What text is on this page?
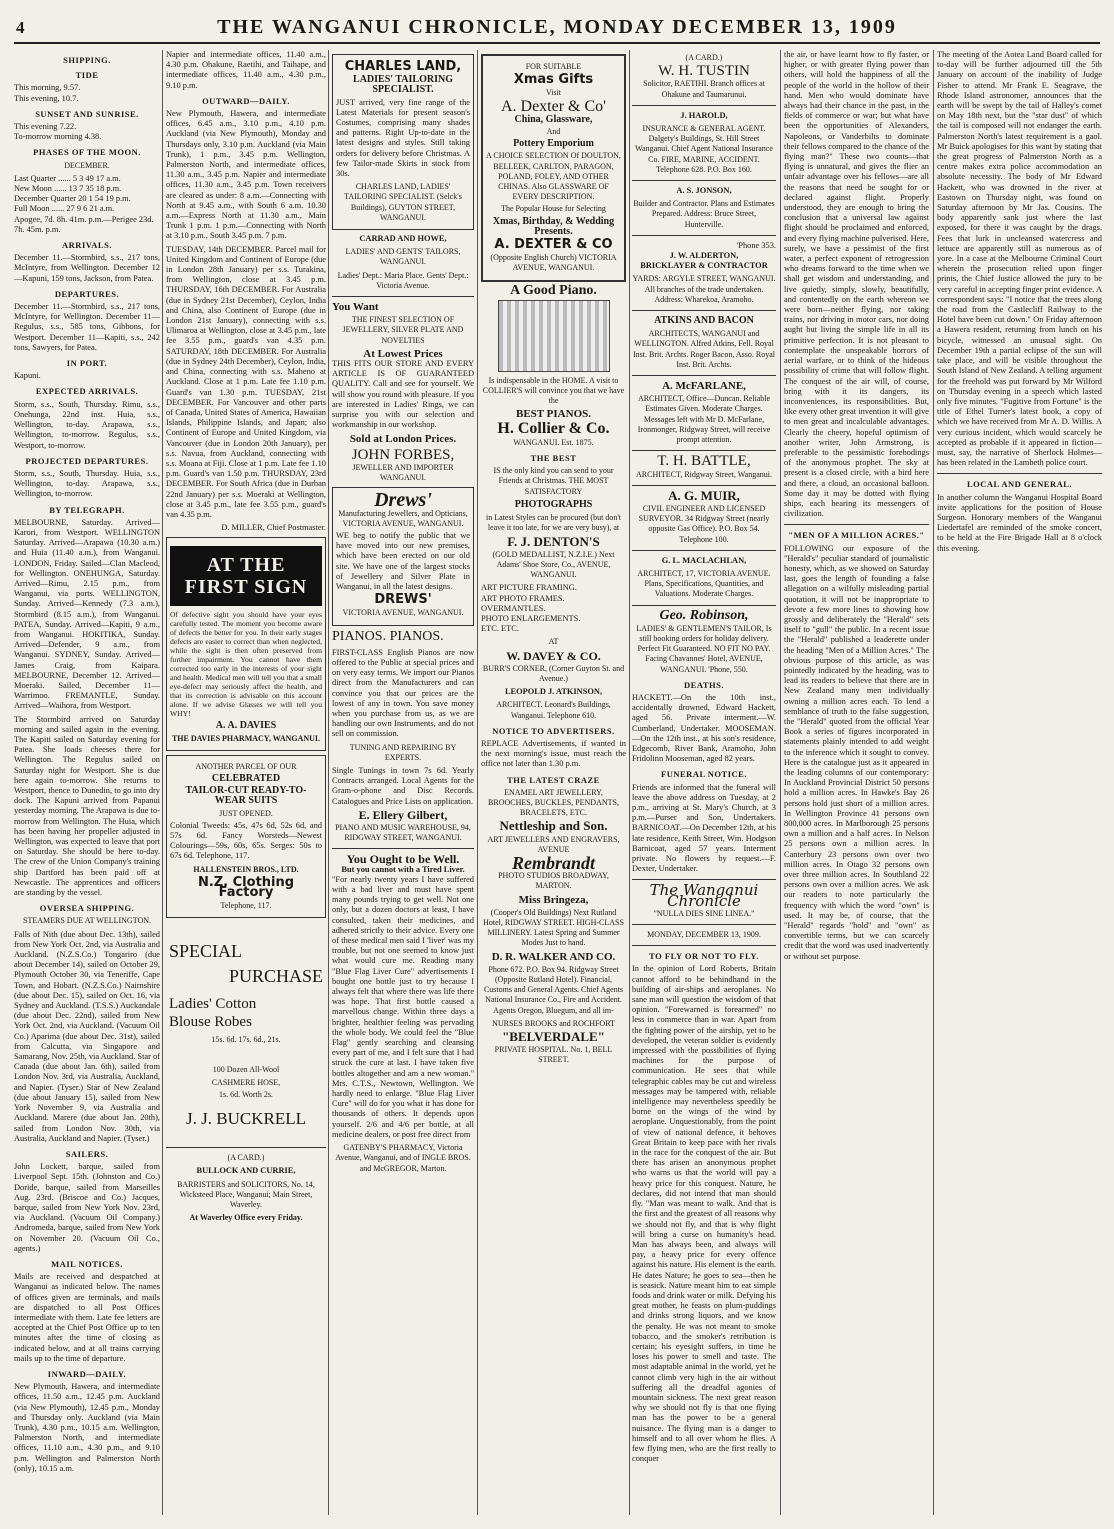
4	THE WANGANUI CHRONICLE, MONDAY DECEMBER 13, 1909
SHIPPING.
TIDE
This morning, 9.57.
This evening, 10.7.
SUNSET AND SUNRISE.
This evening 7.22.
To-morrow morning 4.38.
PHASES OF THE MOON.
DECEMBER.
Last Quarter ...... 5 3 49 17 a.m.
New Moon ...... 13 7 35 18 p.m.
December Quarter 20 1 54 19 p.m.
Full Moon ...... 27 9 6 21 a.m.
Apogee, 7d. 8h. 41m. p.m.—Perigee 23d. 7h. 45m. p.m.
ARRIVALS.

December 11.—Stormbird, s.s., 217 tons, McIntyre, from Wellington. December 12—Kapuni, 159 tons, Jackson, from Patea.

DEPARTURES.

December 11.—Stormbird, s.s., 217 tons, McIntyre, for Wellington. December 11—Regulus, s.s., 585 tons, Gibbons, for Westport. December 11—Kapiti, s.s., 242 tons, Sawyers, for Patea.

IN PORT.

Kapuni.

EXPECTED ARRIVALS.

Storm, s.s., South, Thursday. Rimu, s.s., Onehunga, 22nd inst. Huia, s.s., Wellington, to-day. Arapawa, s.s., Wellington, to-morrow. Regulus, s.s., Westport, to-morrow.

PROJECTED DEPARTURES.

Storm, s.s., South, Thursday. Huia, s.s., Wellington, to-day. Arapawa, s.s., Wellington, to-morrow.

BY TELEGRAPH.

MELBOURNE, Saturday. Arrived—Karori, from Westport. WELLINGTON Saturday. Arrived—Arapawa (10.30 a.m.) and Huia (11.40 a.m.), from Wanganui. LONDON, Friday. Sailed—Clan Macleod, for Wellington. ONEHUNGA, Saturday. Arrived—Rimu, 2.15 p.m., from Wanganui, via ports. WELLINGTON, Sunday. Arrived—Kennedy (7.3 a.m.), Stormbird (8.15 a.m.), from Wanganui. PATEA, Sunday. Arrived—Kapiti, 9 a.m., from Wanganui. HOKITIKA, Sunday. Arrived—Defender, 9 a.m., from Wanganui. SYDNEY, Sunday. Arrived—James Craig, from Kaipara. MELBOURNE, December 12. Arrived—Moeraki. Sailed, December 11—Warrimoo. FREMANTLE, Sunday. Arrived—Waihora, from Westport.

The Stormbird arrived on Saturday morning and sailed again in the evening. The Kapiti sailed on Saturday evening for Patea. She loads cheeses there for Wellington. The Regulus sailed on Saturday night for Westport. She is due here again to-morrow. She returns to Westport, thence to Dunedin, to go into dry dock. The Kapuni arrived from Papanui yesterday morning. The Arapawa is due to-morrow from Wellington. The Huia, which has been having her propeller adjusted in Wellington, was expected to leave that port on Saturday. She should be here to-day. The crew of the Union Company's training ship Dartford has been paid off at Newcastle. The apprentices and officers are standing by the vessel.

OVERSEA SHIPPING.
STEAMERS DUE AT WELLINGTON.

Falls of Nith (due about Dec. 13th), sailed from New York Oct. 2nd, via Australia and Auckland. (N.Z.S.Co.) Tongariro (due about December 14), sailed on October 29, Plymouth October 30, via Teneriffe, Cape Town, and Hobart. (N.Z.S.Co.) Nairnshire (due about Dec. 15), sailed on Oct. 16, via Sydney and Auckland. (T.S.S.) Auckandale (due about Dec. 22nd), sailed from New York Oct. 2nd, via Auckland. (Vacuum Oil Co.) Aparima (due about Dec. 31st), sailed from Calcutta, via Singapore and Samarang, Nov. 25th, via Auckland. Star of Canada (due about Jan. 6th), sailed from London Nov. 3rd, via Australia, Auckland, and Napier. (Tyser.) Star of New Zealand (due about January 15), sailed from New York November 9, via Australia and Auckland. Marere (due about Jan. 20th), sailed from London Nov. 30th, via Australia, Auckland and Napier. (Tyser.)

SAILERS.

John Lockett, barque, sailed from Liverpool Sept. 15th. (Johnston and Co.) Doride, barque, sailed from Marseilles Aug. 23rd. (Briscoe and Co.) Jacques, barque, sailed from New York Nov. 23rd, via Auckland. (Vacuum Oil Company.) Andromeda, barque, sailed from New York on November 20. (Vacuum Oil Co., agents.)

MAIL NOTICES.

Mails are received and despatched at Wanganui as indicated below. The names of offices given are terminals, and mails are dispatched to all Post Offices intermediate with them. Late fee letters are accepted at the Chief Post Office up to ten minutes after the time of closing as indicated below, and at all trains carrying mails up to the time of departure.

INWARD—DAILY.

New Plymouth, Hawera, and intermediate offices, 11.50 a.m., 12.45 p.m. Auckland (via New Plymouth), 12.45 p.m., Monday and Thursday only. Auckland (via Main Trunk), 4.30 p.m., 10.15 a.m. Wellington, Palmerston North, and intermediate offices, 11.10 a.m., 4.30 p.m., and 9.10 p.m. Wellington and Palmerston North (only), 10.15 a.m.

Napier and intermediate offices, 11.40 a.m., 4.30 p.m. Ohakune, Raetihi, and Taihape, and intermediate offices, 11.40 a.m., 4.30 p.m., 9.10 p.m.

OUTWARD—DAILY.

New Plymouth, Hawera, and intermediate offices, 6.45 a.m., 3.10 p.m., 4.10 p.m. Auckland (via New Plymouth), Monday and Thursdays only, 3.10 p.m. Auckland (via Main Trunk), 1 p.m., 3.45 p.m. Wellington, Palmerston North, and intermediate offices, 11.30 a.m., 3.45 p.m. Napier and intermediate offices, 11.30 a.m., 3.45 p.m. Town receivers are cleared as under: 8 a.m.—Connecting with North at 9.45 a.m., with South 6 a.m. 10.30 a.m.—Express North at 11.30 a.m., Main Trunk 1 p.m. 1 p.m.—Connecting with North at 3.10 p.m., South 3.45 p.m. 7 p.m.

TUESDAY, 14th DECEMBER. Parcel mail for United Kingdom and Continent of Europe (due in London 28th January) per s.s. Turakina, from Wellington, close at 3.45 p.m. THURSDAY, 16th DECEMBER. For Australia (due in Sydney 21st December), Ceylon, India and China, also Continent of Europe (due in London 21st January), connecting with s.s. Ulimaroa at Wellington, close at 3.45 p.m., late fee 3.55 p.m., guard's van 4.35 p.m. SATURDAY, 18th DECEMBER. For Australia (due in Sydney 24th December), Ceylon, India, and China, connecting with s.s. Maheno at Auckland. Close at 1 p.m. Late fee 1.10 p.m. Guard's van 1.30 p.m. TUESDAY, 21st DECEMBER. For Vancouver and other parts of Canada, United States of America, Hawaiian Islands, Philippine Islands, and Japan; also Continent of Europe and United Kingdom, via Vancouver (due in London 20th January), per s.s. Navua, from Auckland, connecting with s.s. Moana at Fiji. Close at 1 p.m. Late fee 1.10 p.m. Guard's van 1.50 p.m. THURSDAY, 23rd DECEMBER. For South Africa (due in Durban 22nd January) per s.s. Moeraki at Wellington, close at 3.45 p.m., late fee 3.55 p.m., guard's van 4.35 p.m.

D. MILLER, Chief Postmaster.
AT THE FIRST SIGN

Of defective sight you should have your eyes carefully tested. The moment you become aware of defects the better for you. In their early stages defects are easier to correct than when neglected, while the sight is then often preserved from further impairment. You cannot have them corrected too early in the interests of your sight and health. Medical men will tell you that a small eye-defect may seriously affect the health, and that its correction is advisable on this account alone. If we advise Glasses we will tell you WHY!

A. A. DAVIES
THE DAVIES PHARMACY, WANGANUI.
ANOTHER PARCEL OF OUR
CELEBRATED
TAILOR-CUT READY-TO-WEAR SUITS
JUST OPENED.

Colonial Tweeds: 45s, 47s 6d, 52s 6d, and 57s 6d. Fancy Worsteds—Newest Colourings—59s, 60s, 65s. Serges: 50s to 67s 6d. Telephone, 117.

HALLENSTEIN BROS., LTD.
N.Z. Clothing Factory
Telephone, 117.
SPECIAL
PURCHASE
Ladies' Cotton
Blouse Robes
15s. 6d. 17s. 6d., 21s.
100 Dozen All-Wool
CASHMERE HOSE,
1s. 6d. Worth 2s.
J. J. BUCKRELL
(A CARD.)
BULLOCK AND CURRIE,
BARRISTERS and SOLICITORS, No. 14, Wicksteed Place, Wanganui; Main Street, Waverley.
At Waverley Office every Friday.
CHARLES LAND,
LADIES' TAILORING SPECIALIST.

JUST arrived, very fine range of the Latest Materials for present season's Costumes, comprising many shades and patterns. Right Up-to-date in the latest designs and styles. Still taking orders for delivery before Christmas. A few Tailor-made Skirts in stock from 30s.

CHARLES LAND, LADIES' TAILORING SPECIALIST. (Selck's Buildings), GUYTON STREET, WANGANUI.
CARRAD AND HOWE,
LADIES' AND GENTS' TAILORS, WANGANUI.
Ladies' Dept.: Maria Place. Gents' Dept.: Victoria Avenue.
You Want
THE FINEST SELECTION OF JEWELLERY, SILVER PLATE AND NOVELTIES
At Lowest Prices

THIS FITS OUR STORE AND EVERY ARTICLE IS OF GUARANTEED QUALITY. Call and see for yourself. We will show you round with pleasure. If you are interested in Ladies' Rings, we can surprise you with our selection and workmanship in our workshop.

Sold at London Prices.
JOHN FORBES,
JEWELLER AND IMPORTER WANGANUI.
Drews'
Manufacturing Jewellers, and Opticians, VICTORIA AVENUE, WANGANUI.

WE beg to notify the public that we have moved into our new premises, which have been erected on our old site. We have one of the largest stocks of Jewellery and Silver Plate in Wanganui, in all the latest designs.

DREWS'
VICTORIA AVENUE, WANGANUI.
PIANOS. PIANOS.

FIRST-CLASS English Pianos are now offered to the Public at special prices and on very easy terms. We import our Pianos direct from the Manufacturers and can convince you that our prices are the lowest of any in town. You save money when you purchase from us, as we are handling our own Instruments, and do not sell on commission.

TUNING AND REPAIRING BY EXPERTS.

Single Tunings in town 7s 6d. Yearly Contracts arranged. Local Agents for the Gram-o-phone and Disc Records. Catalogues and Price Lists on application.

E. Ellery Gilbert,
PIANO AND MUSIC WAREHOUSE, 94, RIDGWAY STREET, WANGANUI.
You Ought to be Well.
But you cannot with a Tired Liver.

"For nearly twenty years I have suffered with a bad liver and must have spent many pounds trying to get well. Not one only, but a dozen doctors at least, I have consulted, taken their medicines, and adhered strictly to their advice. Every one of these medical men said I 'liver' was my trouble, but not one seemed to know just what would cure me. Reading many "Blue Flag Liver Cure" advertisements I bought one bottle just to try because I always felt that where there was life there was hope. That first bottle caused a marvellous change. Within three days a brighter, healthier feeling was pervading the whole body. We could feel the "Blue Flag" gently searching and cleansing every part of me, and I felt sure that I had struck the cure at last. I have taken five bottles altogether and am a new woman." Mrs. C.T.S., Newtown, Wellington. We hardly need to enlarge. "Blue Flag Liver Cure" will do for you what it has done for thousands of others. It depends upon yourself. 2/6 and 4/6 per bottle, at all medicine dealers, or post free direct from

GATENBY'S PHARMACY, Victoria Avenue, Wanganui, and of INGLE BROS. and McGREGOR, Marton.
FOR SUITABLE
Xmas Gifts
Visit
A. Dexter & Co'
China, Glassware,
And
Pottery Emporium
A CHOICE SELECTION Of DOULTON, BELLEEK, CARLTON, PARAGON, POLAND, FOLEY, AND OTHER CHINAS. Also GLASSWARE OF EVERY DESCRIPTION.
The Popular House for Selecting
Xmas, Birthday, & Wedding Presents.
A. DEXTER & CO
(Opposite English Church) VICTORIA AVENUE, WANGANUI.
A Good Piano.
Is indispensable in the HOME. A visit to COLLIER'S will convince you that we have the
BEST PIANOS.
H. Collier & Co.
WANGANUI. Est. 1875.
THE BEST
IS the only kind you can send to your Friends at Christmas. THE MOST SATISFACTORY
PHOTOGRAPHS
in Latest Styles can be procured (but don't leave it too late, for we are very busy), at
F. J. DENTON'S
(GOLD MEDALLIST, N.Z.I.E.) Next Adams' Shoe Store, Co., AVENUE, WANGANUI.
ART PICTURE FRAMING.
ART PHOTO FRAMES.
OVERMANTLES.
PHOTO ENLARGEMENTS.
ETC. ETC.
AT
W. DAVEY & CO.
BURR'S CORNER, (Corner Guyton St. and Avenue.)
LEOPOLD J. ATKINSON,
ARCHITECT. Leonard's Buildings, Wanganui. Telephone 610.
NOTICE TO ADVERTISERS.

REPLACE Advertisements, if wanted in the next morning's issue, must reach the office not later than 1.30 p.m.

THE LATEST CRAZE
ENAMEL ART JEWELLERY, BROOCHES, BUCKLES, PENDANTS, BRACELETS, ETC.
Nettleship and Son.
ART JEWELLERS AND ENGRAVERS, AVENUE
Rembrandt
PHOTO STUDIOS BROADWAY, MARTON.
Miss Bringeza,
(Cooper's Old Buildings) Next Rutland Hotel, RIDGWAY STREET. HIGH-CLASS MILLINERY. Latest Spring and Summer Modes Just to hand.
D. R. WALKER AND CO.
Phone 672. P.O. Box 94. Ridgway Street (Opposite Rutland Hotel). Financial, Customs and General Agents. Chief Agents National Insurance Co., Fire and Accident. Agents Oregon, Bluegum, and all im-
NURSES BROOKS and ROCHFORT
"BELVERDALE"
PRIVATE HOSPITAL. No. 1, BELL STREET.
(A CARD.)
W. H. TUSTIN
Solicitor, RAETIHI. Branch offices at Ohakune and Taumarunui.
J. HAROLD,
INSURANCE & GENERAL AGENT. Dalgety's Buildings, St. Hill Street Wanganui. Chief Agent National Insurance Co. FIRE, MARINE, ACCIDENT. Telephone 628. P.O. Box 160.
A. S. JONSON,
Builder and Contractor. Plans and Estimates Prepared. Address: Bruce Street, Hunterville.
'Phone 353.
J. W. ALDERTON,
BRICKLAYER & CONTRACTOR
YARDS: ARGYLE STREET, WANGANUI. All branches of the trade undertaken. Address: Wharekoa, Aramoho.
ATKINS AND BACON
ARCHITECTS, WANGANUI and WELLINGTON. Alfred Atkins, Fell. Royal Inst. Brit. Archts. Roger Bacon, Asso. Royal Inst. Brit. Archts.
A. McFARLANE,
ARCHITECT, Office—Duncan. Reliable Estimates Given. Moderate Charges. Messages left with Mr D. McFarlane, Ironmonger, Ridgway Street, will receive prompt attention.
T. H. BATTLE,
ARCHITECT, Ridgway Street, Wanganui.
A. G. MUIR,
CIVIL ENGINEER AND LICENSED SURVEYOR. 34 Ridgway Street (nearly opposite Gas Office). P.O. Box 54. Telephone 100.
G. L. MACLACHLAN,
ARCHITECT, 17, VICTORIA AVENUE. Plans, Specifications, Quantities, and Valuations. Moderate Charges.
Geo. Robinson,
LADIES' & GENTLEMEN'S TAILOR, Is still booking orders for holiday delivery. Perfect Fit Guaranteed. NO FIT NO PAY. Facing Chavannes' Hotel, AVENUE, WANGANUI. 'Phone, 550.
DEATHS.

HACKETT.—On the 10th inst., accidentally drowned, Edward Hackett, aged 56. Private interment.—W. Cumberland, Undertaker. MOOSEMAN.—On the 12th inst., at his son's residence, Edgecomb, River Bank, Aramoho, John Fridolinn Mooseman, aged 82 years.

FUNERAL NOTICE.

Friends are informed that the funeral will leave the above address on Tuesday, at 2 p.m., arriving at St. Mary's Church, at 3 p.m.—Purser and Son, Undertakers. BARNICOAT.—On December 12th, at his late residence, Keith Street, Wm. Hodgson Barnicoat, aged 57 years. Interment private. No flowers by request.—F. Dexter, Undertaker.

The Wanganui Chronicle
"NULLA DIES SINE LINEA."
MONDAY, DECEMBER 13, 1909.
TO FLY OR NOT TO FLY.

In the opinion of Lord Roberts, Britain cannot afford to be behindhand in the building of air-ships and aeroplanes. No sane man will question the wisdom of that opinion. "Forewarned is forearmed" no less in commerce than in war. Apart from the fighting power of the airship, yet to be developed, the veteran soldier is evidently impressed with the possibilities of flying machines for the purpose of communication. He sees that while telegraphic cables may be cut and wireless messages may be tampered with, reliable intelligence may nevertheless speedily be borne on the wings of the wind by aeroplane. Unquestionably, from the point of view of national defence, it behoves Great Britain to keep pace with her rivals in the race for the conquest of the air. But there has arisen an anonymous prophet who warns us that the world will pay a heavy price for this conquest. Nature, he declares, did not intend that man should fly. "Man was meant to walk. And that is the first and the greatest of all reasons why we should not fly, and that is why flight will bring a curse on humanity's head. Man has always been, and always will pay, a heavy price for every offence against his nature. His element is the earth. He dates Nature; he goes to sea—then he is seasick. Nature meant him to eat simple foods and drink water or milk. Defying his great mother, he feasts on plum-puddings and drinks strong liquors, and we know the penalty. He was not meant to smoke tobacco, and the smoker's retribution is certain; his eyesight suffers, in time he loses his power to smell and taste. The most adaptable animal in the world, yet he cannot climb very high in the air without suffering all the dreadful agonies of mountain sickness. The next great reason why we should not fly is that one flying man has the power to be a general nuisance. The flying man is a danger to himself and to all over whom he flies. A few flying men, who are the first really to conquer

the air, or have learnt how to fly faster, or higher, or with greater flying power than others, will hold the happiness of all the people of the world in the hollow of their hand. Men who would dominate have always had their chance in the past, in the fields of commerce or war; but what have been the opportunities of Alexanders, Napoleons, or Vanderbilts to dominate their fellows compared to the chance of the flying man?" These two counts—that flying is unnatural, and gives the flier an unfair advantage over his fellows—are all the reasons that need be sought for or declared against flight. Properly understood, they are enough to bring the conclusion that a universal law against flight should be proclaimed and enforced, and every flying machine pulverised. Here, surely, we have a pessimist of the first water, a perfect exponent of retrogression who dreams forward to the time when we shall get wisdom and understanding, and live quietly, simply, slowly, beautifully, and contentedly on the earth whereon we were born—neither flying, nor taking trains, nor driving in motor cars, nor doing aught but living the simple life in all its primitive perfection. It is not pleasant to contemplate the unspeakable horrors of aerial warfare, or to think of the hideous possibility of crime that will follow flight. The conquest of the air will, of course, bring with it its dangers, its inconveniences, its responsibilities. But, like every other great invention it will give to men great and incalculable advantages. Clearly the cheery, hopeful optimism of another writer, John Armstrong, is preferable to the pessimistic forebodings of the anonymous prophet. The sky at present is a closed circle, with a bird here and there, a cloud, an occasional balloon. Some day it may be dotted with flying ships, each bearing its messengers of civilization.

"MEN OF A MILLION ACRES."

FOLLOWING our exposure of the "Herald's" peculiar standard of journalistic honesty, which, as we showed on Saturday last, goes the length of founding a false allegation on a wilfully misleading partial quotation, it will not be inappropriate to devote a few more lines to showing how grossly and deliberately the "Herald" sets itself to "gull" the public. In a recent issue the "Herald" published a leaderette under the heading "Men of a Million Acres." The obvious purpose of this article, as was pointedly indicated by the heading, was to lead its readers to believe that there are in New Zealand many men individually owning a million acres each. To lend a semblance of truth to the false suggestion, the "Herald" quoted from the official Year Book a series of figures incorporated in statements plainly intended to add weight to the inference which it sought to convey. Here is the catalogue just as it appeared in the leading columns of our contemporary: In Auckland Provincial District 50 persons hold a million acres. In Hawke's Bay 26 persons hold just short of a million acres. In Wellington Province 41 persons own 800,000 acres. In Marlborough 25 persons own a million and a half acres. In Nelson 25 persons own a million acres. In Canterbury 23 persons own over two million acres. In Otago 32 persons own over three million acres. In Southland 22 persons own over a million acres. We ask our readers to note particularly the frequency with which the word "own" is used. It may be, of course, that the "Herald" regards "hold" and "own" as convertible terms, but we can scarcely credit that the word was used inadvertently or without set purpose.

The meeting of the Aotea Land Board called for to-day will be further adjourned till the 5th January on account of the inability of Judge Fisher to attend. Mr Frank E. Seagrave, the Rhode Island astronomer, announces that the earth will be swept by the tail of Halley's comet on May 18th next, but the "star dust" of which the tail is composed will not endanger the earth. Palmerston North's latest requirement is a gaol. Mr Buick apologises for this want by stating that the great progress of Palmerston North as a centre makes extra police accommodation an absolute necessity. The body of Mr Edward Hackett, who was drowned in the river at Eastown on Thursday night, was found on Saturday afternoon by Mr Jas. Cousins. The body apparently sank just where the last exposed, for there it was caught by the drags. Fees that lurk in uncleansed watercress and lettuce are apparently still as numerous as of yore. In a case at the Melbourne Criminal Court wherein the prosecution relied upon finger prints, the Chief Justice allowed the jury to be very careful in accepting finger print evidence. A correspondent says: "I notice that the trees along the road from the Castlecliff Railway to the Hotel have been cut down." On Friday afternoon a Hawera resident, returning from lunch on his bicycle, witnessed an unusual sight. On December 19th a partial eclipse of the sun will take place, and will be visible throughout the South Island of New Zealand. A telling argument for the freehold was put forward by Mr Wilford on Thursday evening in a speech which lasted only five minutes. "Fugitive from Fortune" is the title of Ethel Turner's latest book, a copy of which we have received from Mr A. D. Willis. A very curious incident, which would scarcely be accepted as probable if it appeared in fiction—must, say, the narrative of Sherlock Holmes—has been related in the Lambeth police court.

LOCAL AND GENERAL.

In another column the Wanganui Hospital Board invite applications for the position of House Surgeon. Honorary members of the Wanganui Liedertafel are reminded of the smoke concert, to be held at the Fire Brigade Hall at 8 o'clock this evening.
